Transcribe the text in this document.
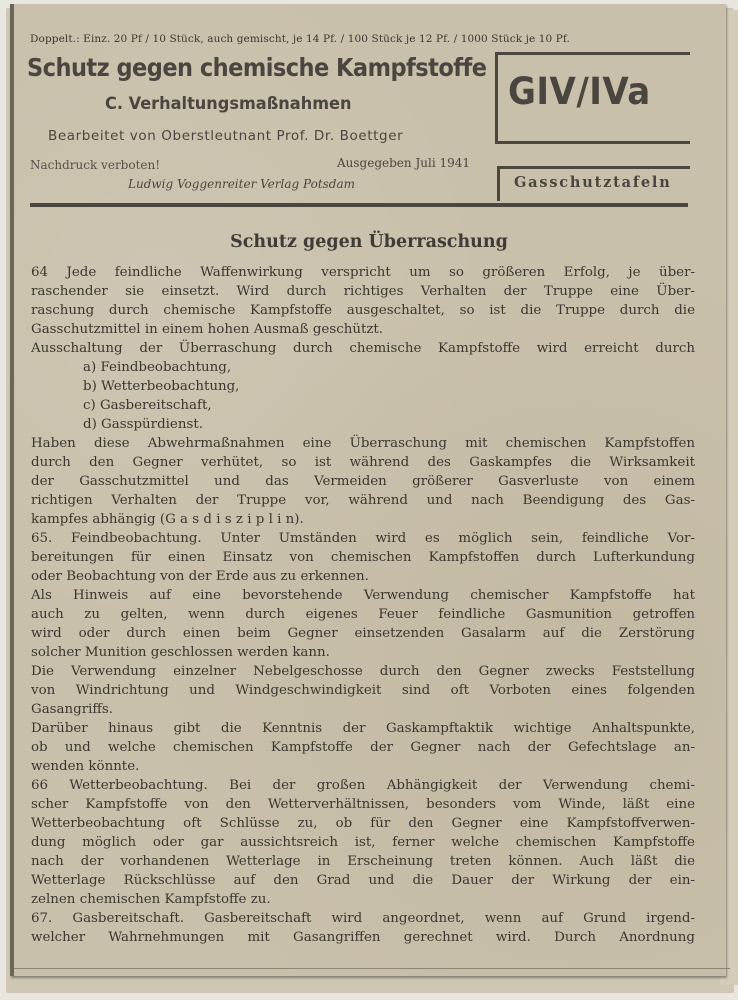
Doppelt.: Einz. 20 Pf / 10 Stück, auch gemischt, je 14 Pf. / 100 Stück je 12 Pf. / 1000 Stück je 10 Pf.
Schutz gegen chemische Kampfstoffe
C. Verhaltungsmaßnahmen
Bearbeitet von Oberstleutnant Prof. Dr. Boettger
Nachdruck verboten!	Ausgegeben Juli 1941
Ludwig Voggenreiter Verlag Potsdam
GIV/IVa
Gasschutztafeln
Schutz gegen Überraschung
64 Jede feindliche Waffenwirkung verspricht um so größeren Erfolg, je über-
raschender sie einsetzt. Wird durch richtiges Verhalten der Truppe eine Über-
raschung durch chemische Kampfstoffe ausgeschaltet, so ist die Truppe durch die
Gasschutzmittel in einem hohen Ausmaß geschützt.
Ausschaltung der Überraschung durch chemische Kampfstoffe wird erreicht durch
a) Feindbeobachtung,
b) Wetterbeobachtung,
c) Gasbereitschaft,
d) Gasspürdienst.
Haben diese Abwehrmaßnahmen eine Überraschung mit chemischen Kampfstoffen
durch den Gegner verhütet, so ist während des Gaskampfes die Wirksamkeit
der Gasschutzmittel und das Vermeiden größerer Gasverluste von einem
richtigen Verhalten der Truppe vor, während und nach Beendigung des Gas-
kampfes abhängig (G a s d i s z i p l i n).
65. Feindbeobachtung. Unter Umständen wird es möglich sein, feindliche Vor-
bereitungen für einen Einsatz von chemischen Kampfstoffen durch Lufterkundung
oder Beobachtung von der Erde aus zu erkennen.
Als Hinweis auf eine bevorstehende Verwendung chemischer Kampfstoffe hat
auch zu gelten, wenn durch eigenes Feuer feindliche Gasmunition getroffen
wird oder durch einen beim Gegner einsetzenden Gasalarm auf die Zerstörung
solcher Munition geschlossen werden kann.
Die Verwendung einzelner Nebelgeschosse durch den Gegner zwecks Feststellung
von Windrichtung und Windgeschwindigkeit sind oft Vorboten eines folgenden
Gasangriffs.
Darüber hinaus gibt die Kenntnis der Gaskampftaktik wichtige Anhaltspunkte,
ob und welche chemischen Kampfstoffe der Gegner nach der Gefechtslage an-
wenden könnte.
66 Wetterbeobachtung. Bei der großen Abhängigkeit der Verwendung chemi-
scher Kampfstoffe von den Wetterverhältnissen, besonders vom Winde, läßt eine
Wetterbeobachtung oft Schlüsse zu, ob für den Gegner eine Kampfstoffverwen-
dung möglich oder gar aussichtsreich ist, ferner welche chemischen Kampfstoffe
nach der vorhandenen Wetterlage in Erscheinung treten können. Auch läßt die
Wetterlage Rückschlüsse auf den Grad und die Dauer der Wirkung der ein-
zelnen chemischen Kampfstoffe zu.
67. Gasbereitschaft. Gasbereitschaft wird angeordnet, wenn auf Grund irgend-
welcher Wahrnehmungen mit Gasangriffen gerechnet wird. Durch Anordnung
